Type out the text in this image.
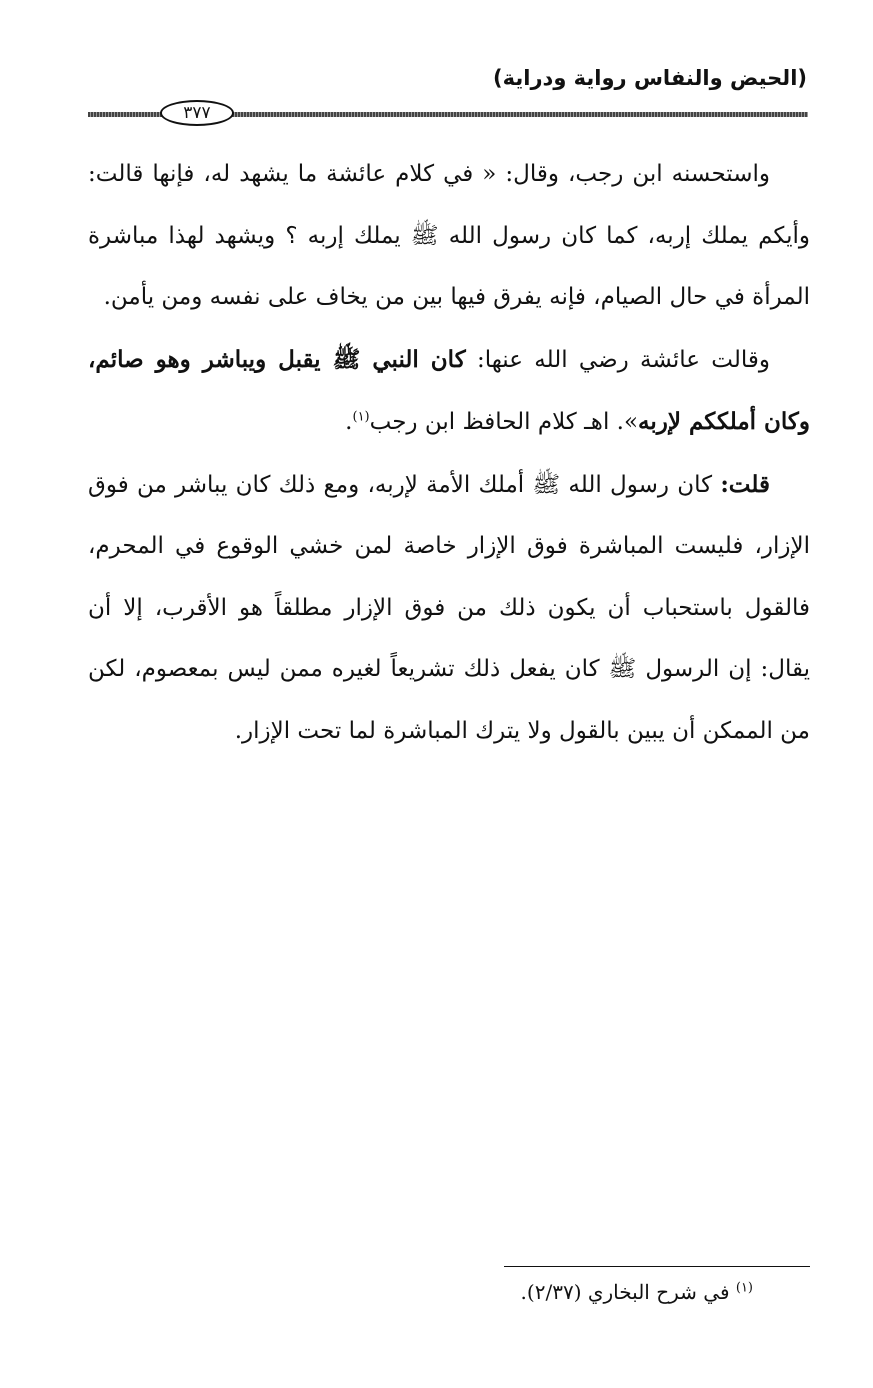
(الحيض والنفاس رواية ودراية)
٣٧٧

واستحسنه ابن رجب، وقال: « في كلام عائشة ما يشهد له، فإنها قالت: وأيكم يملك إربه، كما كان رسول الله ﷺ يملك إربه ؟ ويشهد لهذا مباشرة المرأة في حال الصيام، فإنه يفرق فيها بين من يخاف على نفسه ومن يأمن.

وقالت عائشة رضي الله عنها: كان النبي ﷺ يقبل ويباشر وهو صائم، وكان أملككم لإربه». اهـ كلام الحافظ ابن رجب$^{(١)}$.

قلت: كان رسول الله ﷺ أملك الأمة لإربه، ومع ذلك كان يباشر من فوق الإزار، فليست المباشرة فوق الإزار خاصة لمن خشي الوقوع في المحرم، فالقول باستحباب أن يكون ذلك من فوق الإزار مطلقاً هو الأقرب، إلا أن يقال: إن الرسول ﷺ كان يفعل ذلك تشريعاً لغيره ممن ليس بمعصوم، لكن من الممكن أن يبين بالقول ولا يترك المباشرة لما تحت الإزار.

$^{(١)}$ في شرح البخاري (٢/٣٧).
